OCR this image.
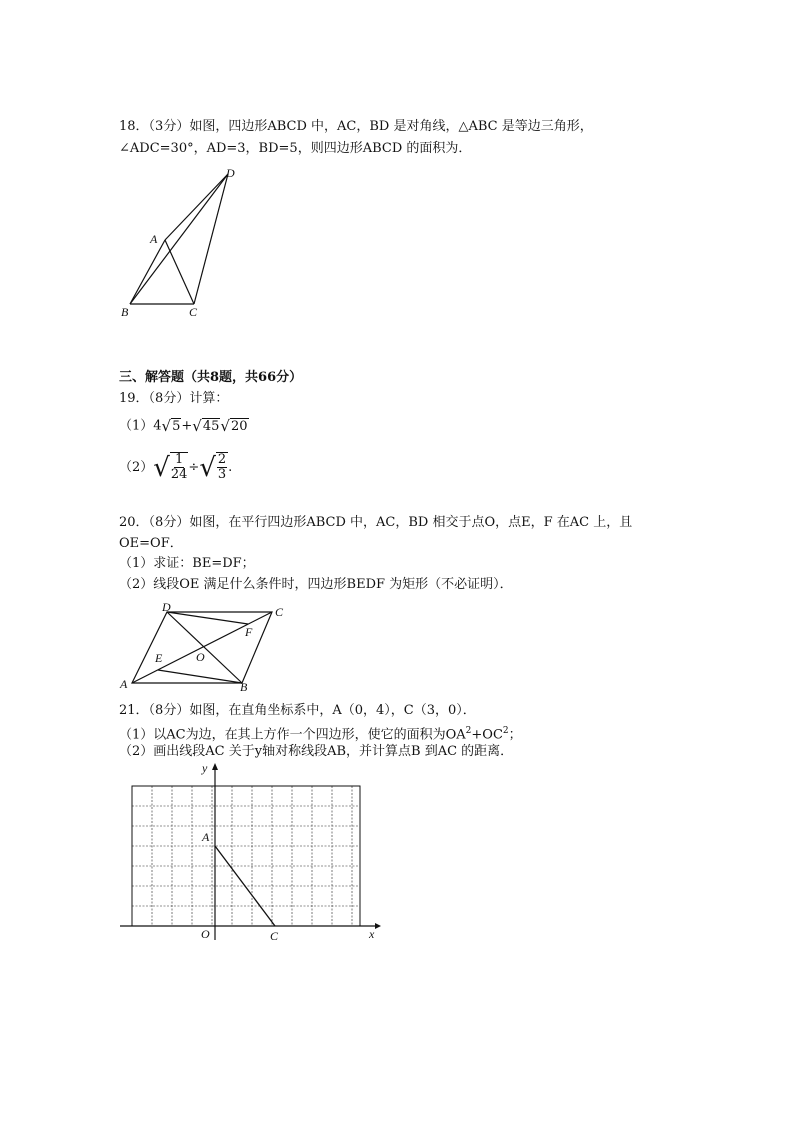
18．（3分）如图，四边形ABCD 中，AC，BD 是对角线，△ABC 是等边三角形，
∠ADC=30°，AD=3，BD=5，则四边形ABCD 的面积为．
D
A
B	C
三、解答题（共8题，共66分）
19．（8分）计算：
（1）4 √ 5 + √ 45 √ 20
（2） √ $\frac{1}{24}$ ÷ √ $\frac{2}{3}$ .
20．（8分）如图，在平行四边形ABCD 中，AC，BD 相交于点O，点E，F 在AC 上，且
OE=OF．
（1）求证：BE=DF；
（2）线段OE 满足什么条件时，四边形BEDF 为矩形（不必证明）．
D	C
F
O
E
A	B
21．（8分）如图，在直角坐标系中，A（0，4），C（3，0）．
（1）以AC为边，在其上方作一个四边形，使它的面积为$OA^2+OC^2$；
（2）画出线段AC 关于y轴对称线段AB，并计算点B 到AC 的距离．
y
A
O	C	x
